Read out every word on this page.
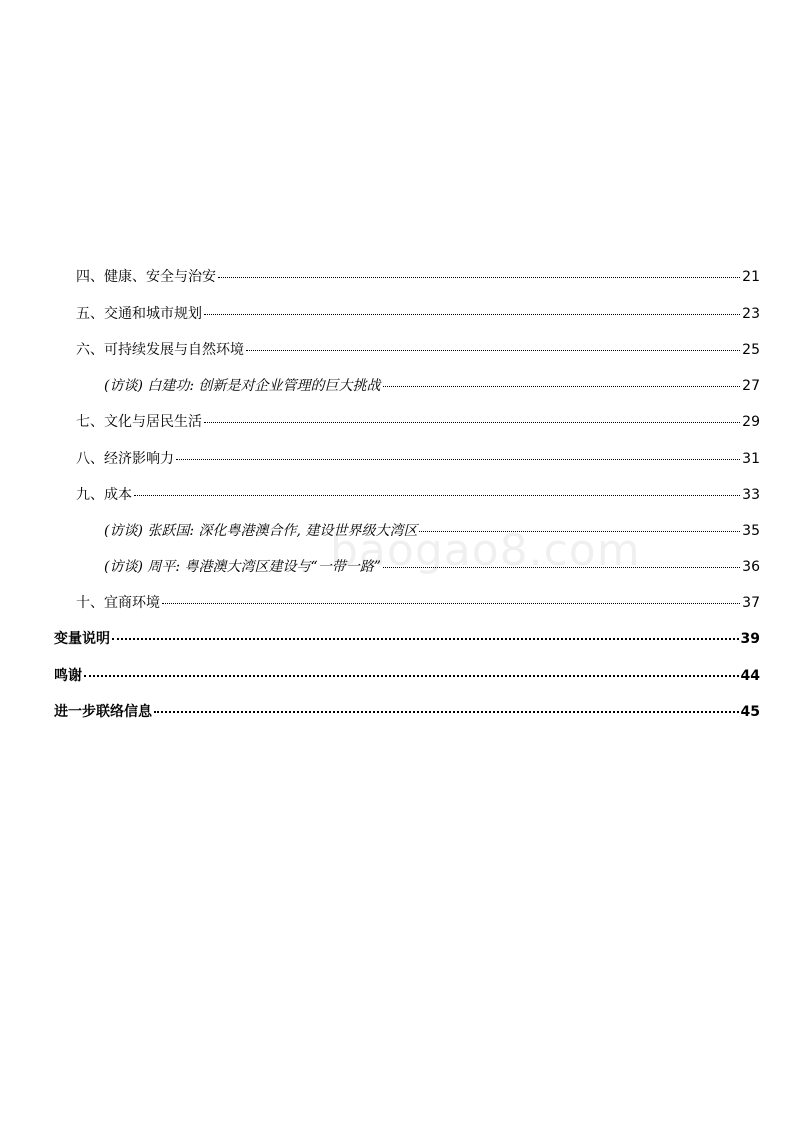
四、健康、安全与治安	21
五、交通和城市规划	23
六、可持续发展与自然环境	25
(访谈) 白建功: 创新是对企业管理的巨大挑战	27
七、文化与居民生活	29
八、经济影响力	31
九、成本	33
(访谈) 张跃国: 深化粤港澳合作, 建设世界级大湾区	35
(访谈) 周平: 粤港澳大湾区建设与“一带一路”	36
十、宜商环境	37
变量说明	39
鸣谢	44
进一步联络信息	45
baogao8.com
